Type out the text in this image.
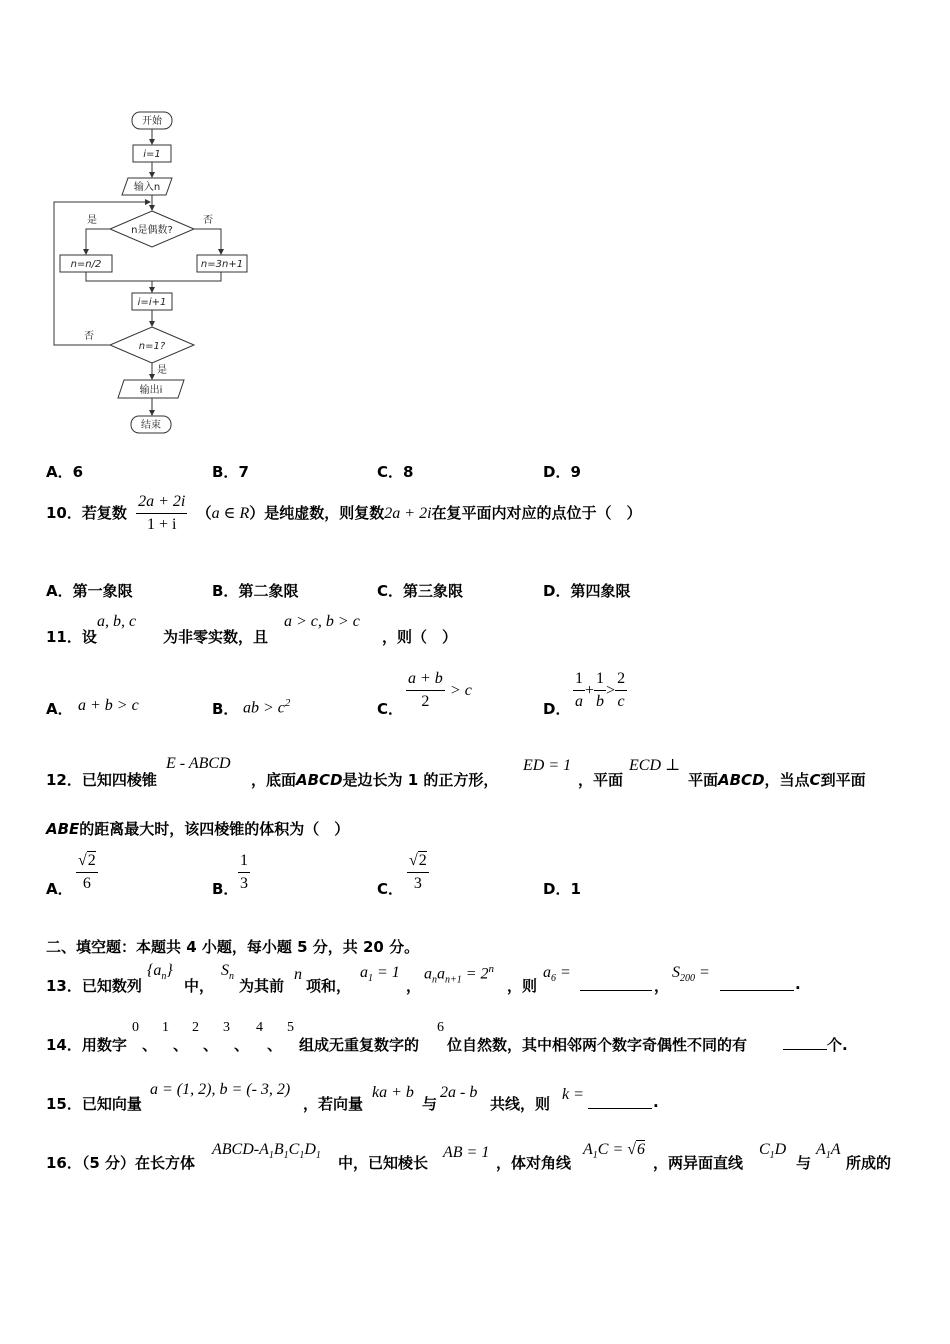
开始
i=1
输入n
n是偶数?
是	否
n=n/2	n=3n+1
i=i+1
n=1?
否
是
输出i
结束
A．6	B．7	C．8	D．9
10．若复数 $\frac{2a + 2i}{1 + i} (a$ ∈ R）是纯虚数，则复数2a + 2i在复平面内对应的点位于（　）
A．第一象限	B．第二象限	C．第三象限	D．第四象限
11．设
a, b, c
为非零实数，且
a > c, b > c
，则（　）
A． a + b > c	B． ab > $c^2$	C． $\frac{a + b}{2} > c$
D． $\frac{1}{a} + \frac{1}{b} > \frac{2}{c}$
12．已知四棱锥
E - ABCD
，底面ABCD是边长为 1 的正方形，
ED = 1
，平面
ECD ⊥
平面ABCD，当点C到平面
ABE的距离最大时，该四棱锥的体积为（　）
A． $\frac{√2}{6}$	B． $\frac{1}{3}$	C． $\frac{√2}{3}$	D．1
二、填空题：本题共 4 小题，每小题 5 分，共 20 分。
13．已知数列
$\{a_n\}$
中，
$S_n$
为其前
n
项和，
$a_1 = 1$
，
$a_na_{n+1} = 2^n$
，则
$a_6$ =
，
$S_{200}$ =
.
14．用数字
0
、
1
、
2
、
3
、
4
、
5
组成无重复数字的
6
位自然数，其中相邻两个数字奇偶性不同的有	个.
15．已知向量
a = (1, 2), b = (- 3, 2)
，若向量
ka + b
与
2a - b
共线，则
k =	.
16．（5 分）在长方体
ABCD-$A_1B_1C_1D_1$ 中，已知棱长
AB = 1
，体对角线
$A_1C = √6$
，两异面直线
$C_1D$
与
$A_1A$
所成的
